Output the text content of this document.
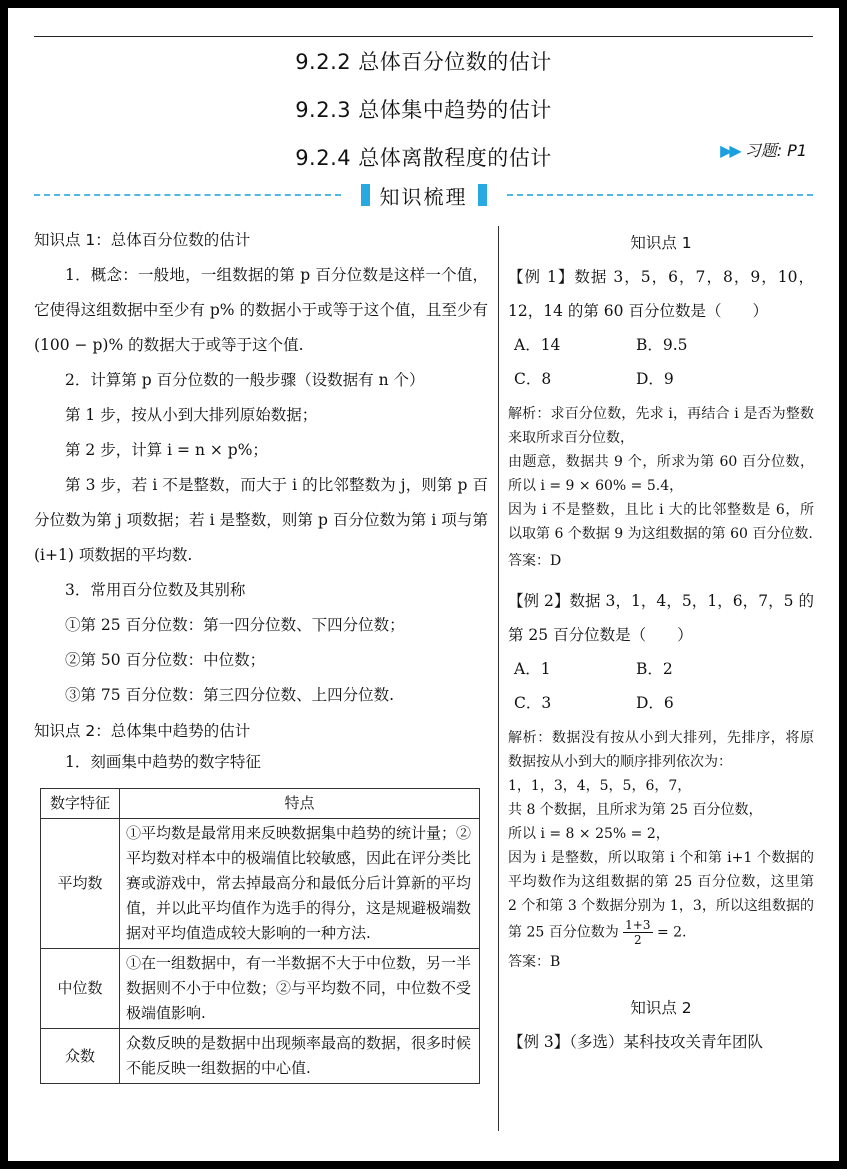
9.2.2 总体百分位数的估计
9.2.3 总体集中趋势的估计
9.2.4 总体离散程度的估计	▶▶ 习题: P1
知识梳理

知识点 1：总体百分位数的估计

1．概念：一般地，一组数据的第 p 百分位数是这样一个值，它使得这组数据中至少有 p% 的数据小于或等于这个值，且至少有 (100 − p)% 的数据大于或等于这个值.

2．计算第 p 百分位数的一般步骤（设数据有 n 个）

第 1 步，按从小到大排列原始数据；

第 2 步，计算 i = n × p%；

第 3 步，若 i 不是整数，而大于 i 的比邻整数为 j，则第 p 百分位数为第 j 项数据；若 i 是整数，则第 p 百分位数为第 i 项与第 (i+1) 项数据的平均数.

3．常用百分位数及其别称

①第 25 百分位数：第一四分位数、下四分位数；

②第 50 百分位数：中位数；

③第 75 百分位数：第三四分位数、上四分位数.

知识点 2：总体集中趋势的估计

1．刻画集中趋势的数字特征

数字特征	特点
平均数	①平均数是最常用来反映数据集中趋势的统计量；②平均数对样本中的极端值比较敏感，因此在评分类比赛或游戏中，常去掉最高分和最低分后计算新的平均值，并以此平均值作为选手的得分，这是规避极端数据对平均值造成较大影响的一种方法.
中位数	①在一组数据中，有一半数据不大于中位数，另一半数据则不小于中位数；②与平均数不同，中位数不受极端值影响.
众数	众数反映的是数据中出现频率最高的数据，很多时候不能反映一组数据的中心值.

知识点 1

【例 1】数据 3，5，6，7，8，9，10，12，14 的第 60 百分位数是（　　）

A．14	B．9.5
C．8	D．9

解析：求百分位数，先求 i，再结合 i 是否为整数来取所求百分位数，

由题意，数据共 9 个，所求为第 60 百分位数，所以 i = 9 × 60% = 5.4，

因为 i 不是整数，且比 i 大的比邻整数是 6，所以取第 6 个数据 9 为这组数据的第 60 百分位数.

答案：D

【例 2】数据 3，1，4，5，1，6，7，5 的第 25 百分位数是（　　）

A．1	B．2
C．3	D．6

解析：数据没有按从小到大排列，先排序，将原数据按从小到大的顺序排列依次为：

1，1，3，4，5，5，6，7，

共 8 个数据，且所求为第 25 百分位数，

所以 i = 8 × 25% = 2，

因为 i 是整数，所以取第 i 个和第 i+1 个数据的平均数作为这组数据的第 25 百分位数，这里第 2 个和第 3 个数据分别为 1，3，所以这组数据的第 25 百分位数为 $\frac{1+3}{2} = 2$.

答案：B

知识点 2

【例 3】（多选）某科技攻关青年团队
